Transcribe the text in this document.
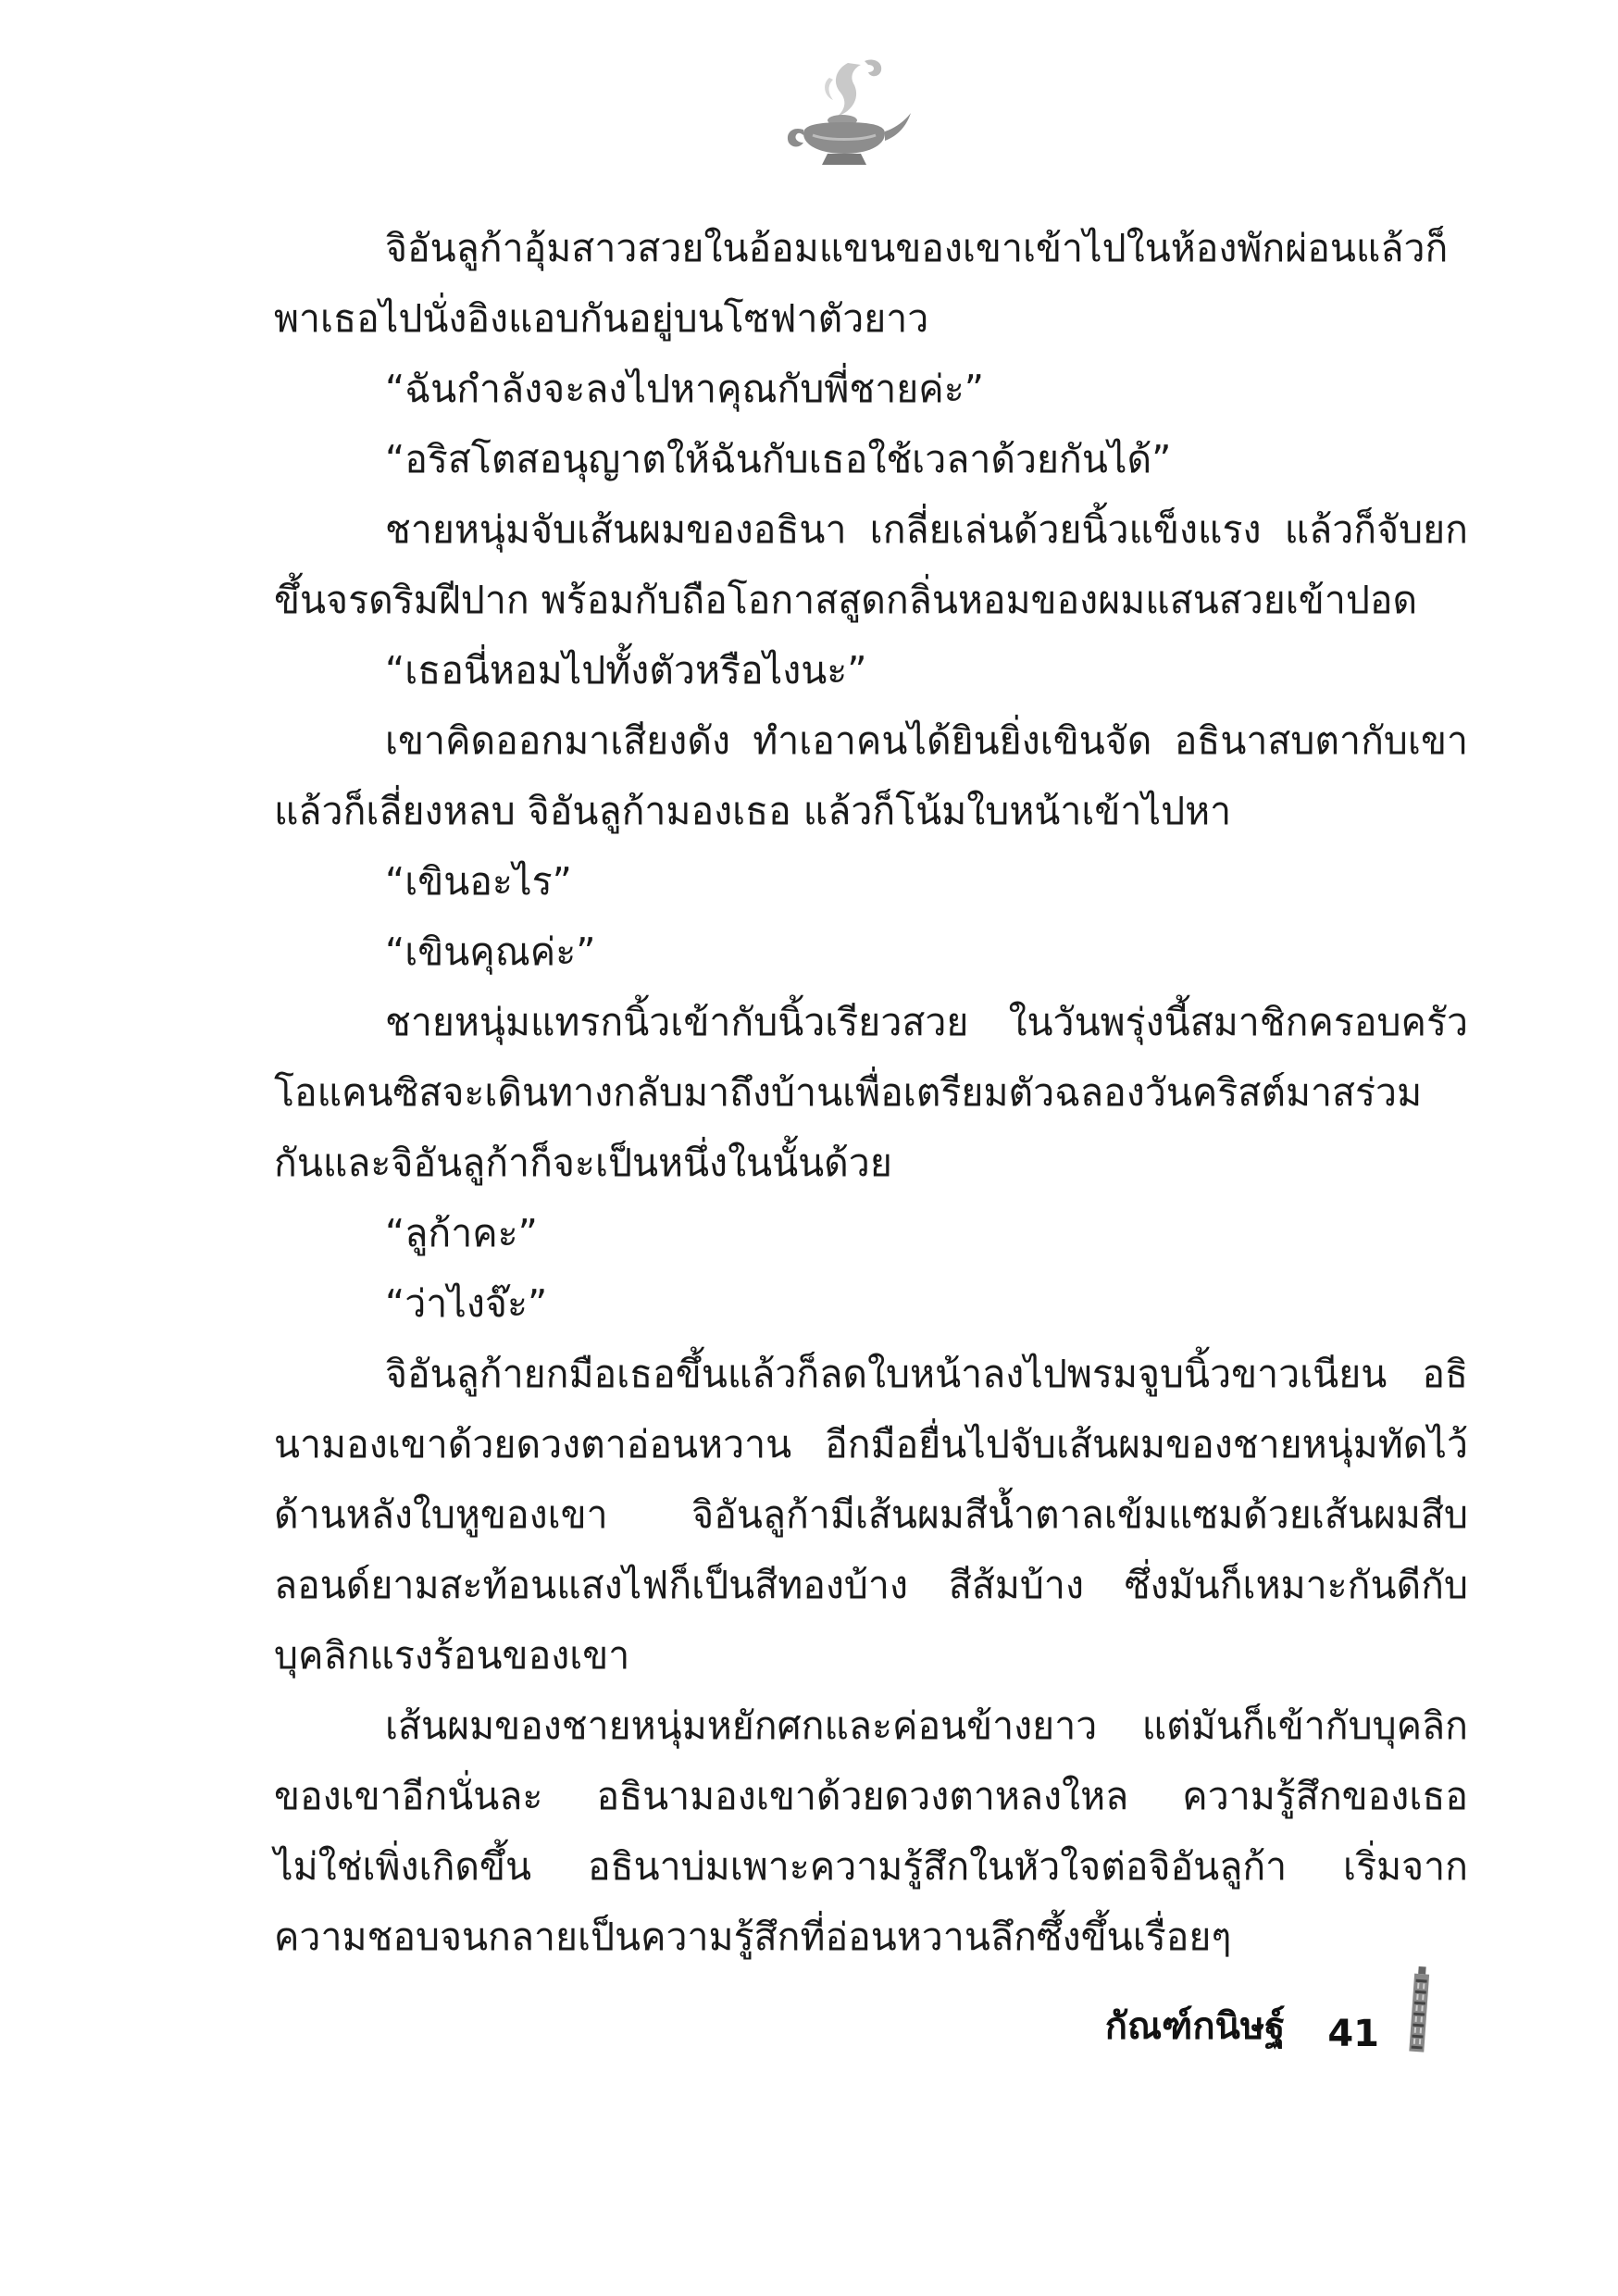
จิอันลูก้าอุ้มสาวสวยในอ้อมแขนของเขาเข้าไปในห้องพักผ่อนแล้วก็พาเธอไปนั่งอิงแอบกันอยู่บนโซฟาตัวยาว

“ฉันกำลังจะลงไปหาคุณกับพี่ชายค่ะ”

“อริสโตสอนุญาตให้ฉันกับเธอใช้เวลาด้วยกันได้”

ชายหนุ่มจับเส้นผมของอธินา เกลี่ยเล่นด้วยนิ้วแข็งแรง แล้วก็จับยกขึ้นจรดริมฝีปาก พร้อมกับถือโอกาสสูดกลิ่นหอมของผมแสนสวยเข้าปอด

“เธอนี่หอมไปทั้งตัวหรือไงนะ”

เขาคิดออกมาเสียงดัง ทำเอาคนได้ยินยิ่งเขินจัด อธินาสบตากับเขาแล้วก็เลี่ยงหลบ จิอันลูก้ามองเธอ แล้วก็โน้มใบหน้าเข้าไปหา

“เขินอะไร”

“เขินคุณค่ะ”

ชายหนุ่มแทรกนิ้วเข้ากับนิ้วเรียวสวย ในวันพรุ่งนี้สมาชิกครอบครัวโอแคนซิสจะเดินทางกลับมาถึงบ้านเพื่อเตรียมตัวฉลองวันคริสต์มาสร่วมกันและจิอันลูก้าก็จะเป็นหนึ่งในนั้นด้วย

“ลูก้าคะ”

“ว่าไงจ๊ะ”

จิอันลูก้ายกมือเธอขึ้นแล้วก็ลดใบหน้าลงไปพรมจูบนิ้วขาวเนียน อธินามองเขาด้วยดวงตาอ่อนหวาน อีกมือยื่นไปจับเส้นผมของชายหนุ่มทัดไว้ด้านหลังใบหูของเขา จิอันลูก้ามีเส้นผมสีน้ำตาลเข้มแซมด้วยเส้นผมสีบลอนด์ยามสะท้อนแสงไฟก็เป็นสีทองบ้าง สีส้มบ้าง ซึ่งมันก็เหมาะกันดีกับบุคลิกแรงร้อนของเขา

เส้นผมของชายหนุ่มหยักศกและค่อนข้างยาว แต่มันก็เข้ากับบุคลิกของเขาอีกนั่นละ อธินามองเขาด้วยดวงตาหลงใหล ความรู้สึกของเธอไม่ใช่เพิ่งเกิดขึ้น อธินาบ่มเพาะความรู้สึกในหัวใจต่อจิอันลูก้า เริ่มจากความชอบจนกลายเป็นความรู้สึกที่อ่อนหวานลึกซึ้งขึ้นเรื่อยๆ

กัณฑ์กนิษฐ์ 41
